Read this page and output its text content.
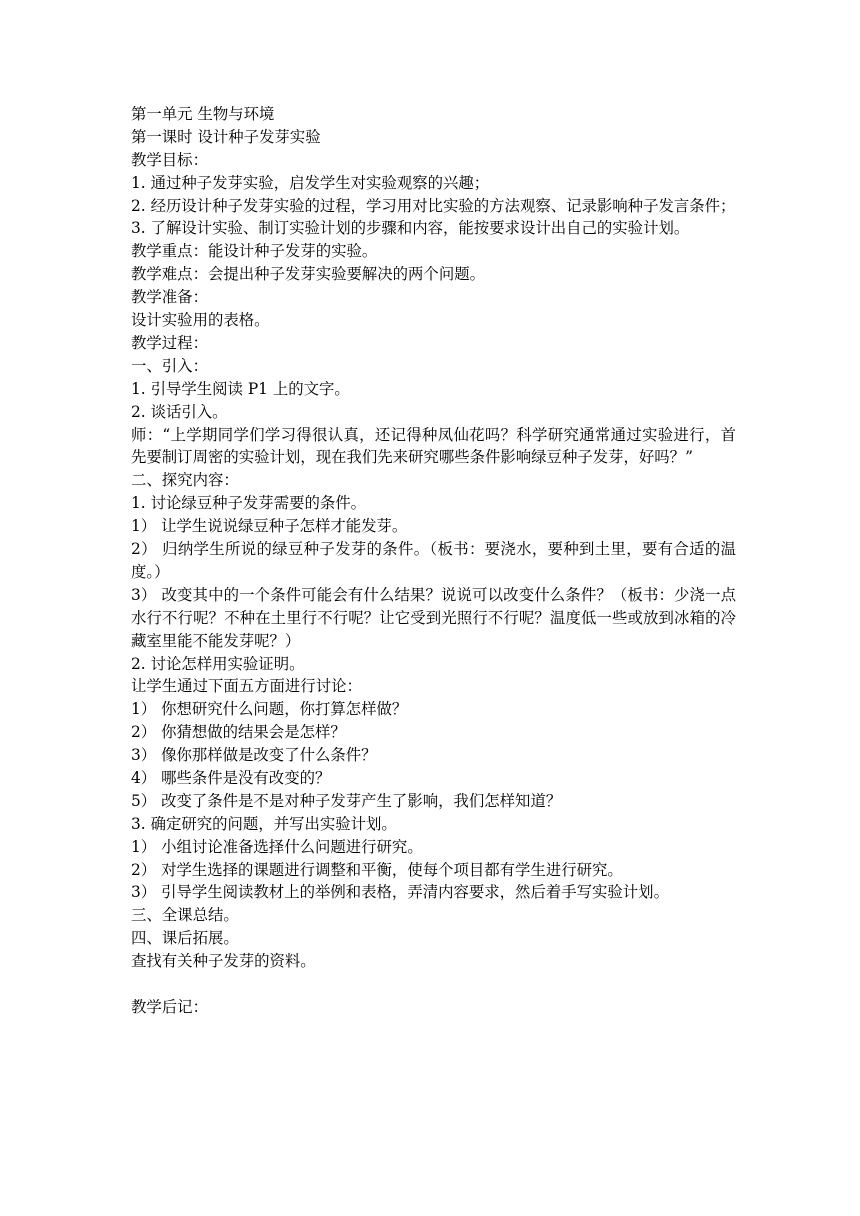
第一单元 生物与环境
第一课时 设计种子发芽实验
教学目标：
1. 通过种子发芽实验，启发学生对实验观察的兴趣；
2. 经历设计种子发芽实验的过程，学习用对比实验的方法观察、记录影响种子发言条件；
3. 了解设计实验、制订实验计划的步骤和内容，能按要求设计出自己的实验计划。
教学重点：能设计种子发芽的实验。
教学难点：会提出种子发芽实验要解决的两个问题。
教学准备：
设计实验用的表格。
教学过程：
一、引入：
1. 引导学生阅读 P1 上的文字。
2. 谈话引入。
师：“上学期同学们学习得很认真，还记得种凤仙花吗？科学研究通常通过实验进行，首先要制订周密的实验计划，现在我们先来研究哪些条件影响绿豆种子发芽，好吗？”
二、探究内容：
1. 讨论绿豆种子发芽需要的条件。
1） 让学生说说绿豆种子怎样才能发芽。
2） 归纳学生所说的绿豆种子发芽的条件。（板书：要浇水，要种到土里，要有合适的温度。）
3） 改变其中的一个条件可能会有什么结果？说说可以改变什么条件？（板书：少浇一点水行不行呢？不种在土里行不行呢？让它受到光照行不行呢？温度低一些或放到冰箱的冷藏室里能不能发芽呢？）
2. 讨论怎样用实验证明。
让学生通过下面五方面进行讨论：
1） 你想研究什么问题，你打算怎样做？
2） 你猜想做的结果会是怎样？
3） 像你那样做是改变了什么条件？
4） 哪些条件是没有改变的？
5） 改变了条件是不是对种子发芽产生了影响，我们怎样知道？
3. 确定研究的问题，并写出实验计划。
1） 小组讨论准备选择什么问题进行研究。
2） 对学生选择的课题进行调整和平衡，使每个项目都有学生进行研究。
3） 引导学生阅读教材上的举例和表格，弄清内容要求，然后着手写实验计划。
三、全课总结。
四、课后拓展。
查找有关种子发芽的资料。
教学后记：
